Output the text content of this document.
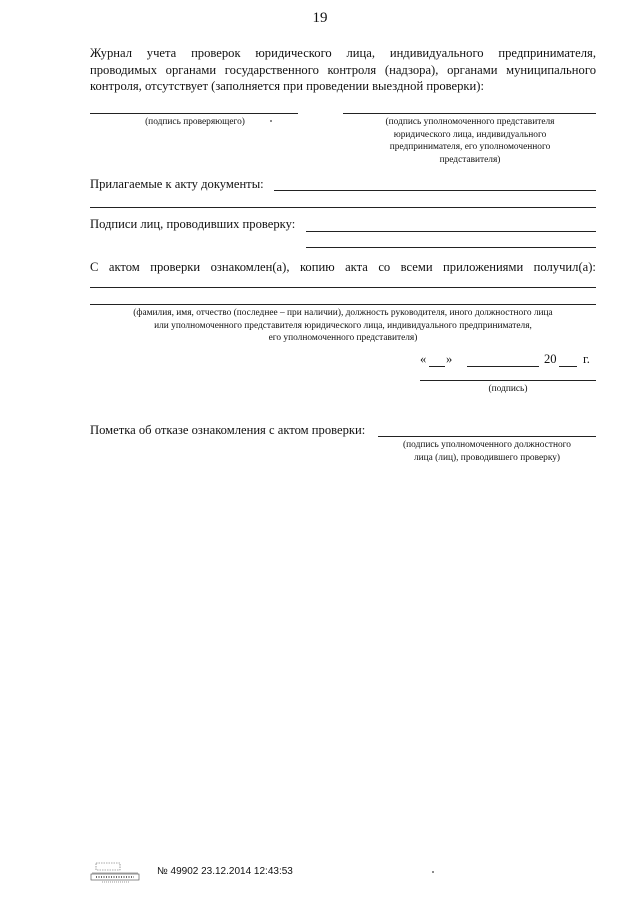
19
Журнал учета проверок юридического лица, индивидуального предпринимателя,
проводимых органами государственного контроля (надзора), органами муниципального
контроля, отсутствует (заполняется при проведении выездной проверки):
(подпись проверяющего)	(подпись уполномоченного представителя
юридического лица, индивидуального
предпринимателя, его уполномоченного
представителя)
Прилагаемые к акту документы:
Подписи лиц, проводивших проверку:
С актом проверки ознакомлен(а), копию акта со всеми приложениями получил(а):
(фамилия, имя, отчество (последнее – при наличии), должность руководителя, иного должностного лица
или уполномоченного представителя юридического лица, индивидуального предпринимателя,
его уполномоченного представителя)
« »	20 г.
(подпись)
Пометка об отказе ознакомления с актом проверки:
(подпись уполномоченного должностного
лица (лиц), проводившего проверку)
№ 49902 23.12.2014 12:43:53
